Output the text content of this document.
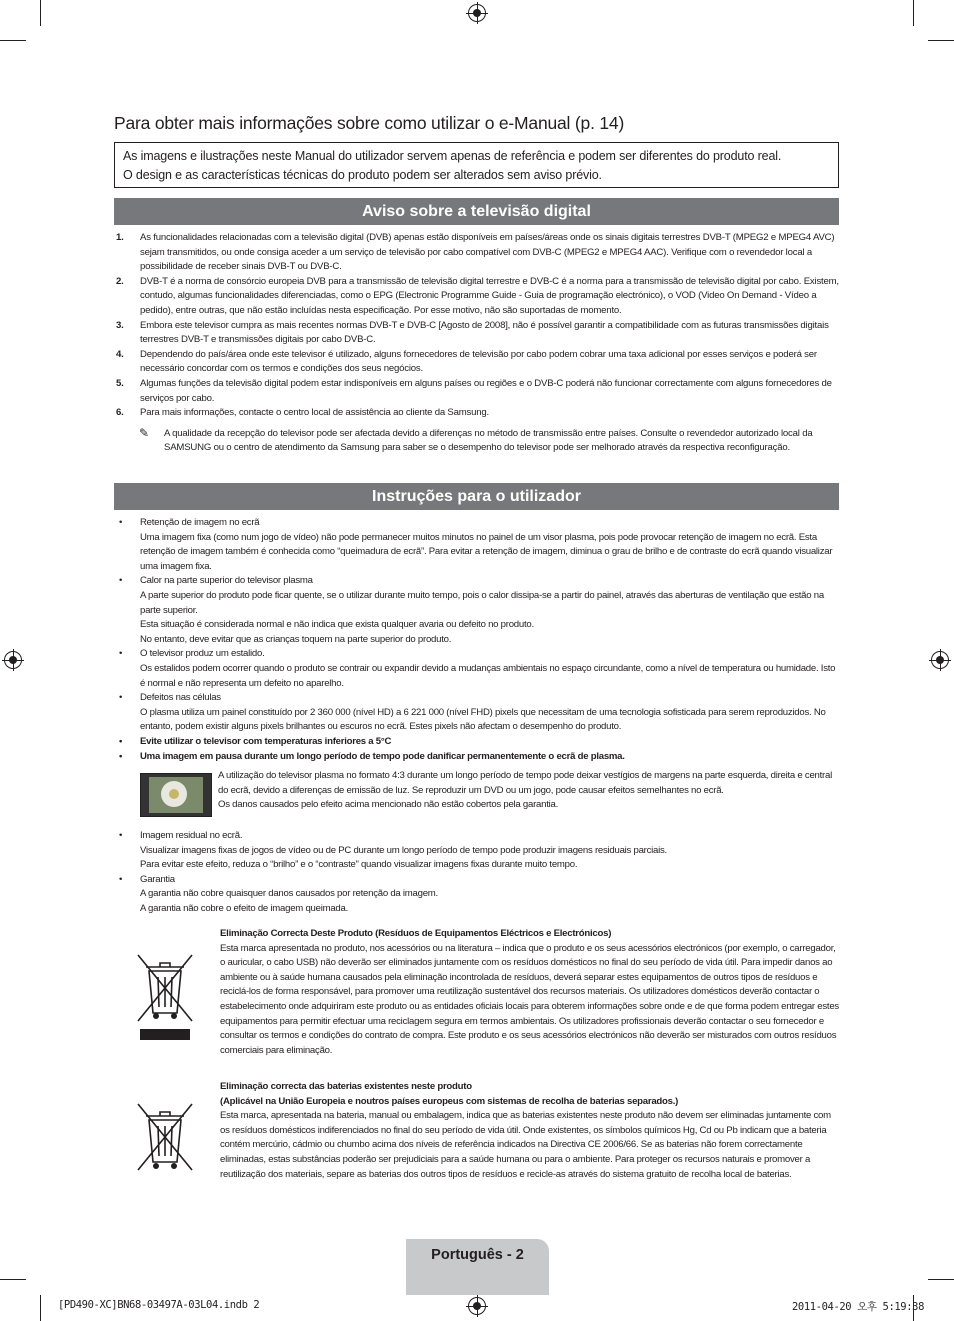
Para obter mais informações sobre como utilizar o e-Manual (p. 14)
As imagens e ilustrações neste Manual do utilizador servem apenas de referência e podem ser diferentes do produto real.
O design e as características técnicas do produto podem ser alterados sem aviso prévio.
Aviso sobre a televisão digital
1. As funcionalidades relacionadas com a televisão digital (DVB) apenas estão disponíveis em países/áreas onde os sinais digitais terrestres DVB-T (MPEG2 e MPEG4 AVC) sejam transmitidos, ou onde consiga aceder a um serviço de televisão por cabo compatível com DVB-C (MPEG2 e MPEG4 AAC). Verifique com o revendedor local a possibilidade de receber sinais DVB-T ou DVB-C.
2. DVB-T é a norma de consórcio europeia DVB para a transmissão de televisão digital terrestre e DVB-C é a norma para a transmissão de televisão digital por cabo. Existem, contudo, algumas funcionalidades diferenciadas, como o EPG (Electronic Programme Guide - Guia de programação electrónico), o VOD (Video On Demand - Vídeo a pedido), entre outras, que não estão incluídas nesta especificação. Por esse motivo, não são suportadas de momento.
3. Embora este televisor cumpra as mais recentes normas DVB-T e DVB-C [Agosto de 2008], não é possível garantir a compatibilidade com as futuras transmissões digitais terrestres DVB-T e transmissões digitais por cabo DVB-C.
4. Dependendo do país/área onde este televisor é utilizado, alguns fornecedores de televisão por cabo podem cobrar uma taxa adicional por esses serviços e poderá ser necessário concordar com os termos e condições dos seus negócios.
5. Algumas funções da televisão digital podem estar indisponíveis em alguns países ou regiões e o DVB-C poderá não funcionar correctamente com alguns fornecedores de serviços por cabo.
6. Para mais informações, contacte o centro local de assistência ao cliente da Samsung.
✎ A qualidade da recepção do televisor pode ser afectada devido a diferenças no método de transmissão entre países. Consulte o revendedor autorizado local da SAMSUNG ou o centro de atendimento da Samsung para saber se o desempenho do televisor pode ser melhorado através da respectiva reconfiguração.
Instruções para o utilizador
• Retenção de imagem no ecrã
Uma imagem fixa (como num jogo de vídeo) não pode permanecer muitos minutos no painel de um visor plasma, pois pode provocar retenção de imagem no ecrã. Esta retenção de imagem também é conhecida como “queimadura de ecrã”. Para evitar a retenção de imagem, diminua o grau de brilho e de contraste do ecrã quando visualizar uma imagem fixa.
• Calor na parte superior do televisor plasma
A parte superior do produto pode ficar quente, se o utilizar durante muito tempo, pois o calor dissipa-se a partir do painel, através das aberturas de ventilação que estão na parte superior.
Esta situação é considerada normal e não indica que exista qualquer avaria ou defeito no produto.
No entanto, deve evitar que as crianças toquem na parte superior do produto.
• O televisor produz um estalido.
Os estalidos podem ocorrer quando o produto se contrair ou expandir devido a mudanças ambientais no espaço circundante, como a nível de temperatura ou humidade. Isto é normal e não representa um defeito no aparelho.
• Defeitos nas células
O plasma utiliza um painel constituído por 2 360 000 (nível HD) a 6 221 000 (nível FHD) pixels que necessitam de uma tecnologia sofisticada para serem reproduzidos. No entanto, podem existir alguns pixels brilhantes ou escuros no ecrã. Estes pixels não afectam o desempenho do produto.
• Evite utilizar o televisor com temperaturas inferiores a 5°C
• Uma imagem em pausa durante um longo período de tempo pode danificar permanentemente o ecrã de plasma.
A utilização do televisor plasma no formato 4:3 durante um longo período de tempo pode deixar vestígios de margens na parte esquerda, direita e central do ecrã, devido a diferenças de emissão de luz. Se reproduzir um DVD ou um jogo, pode causar efeitos semelhantes no ecrã.
Os danos causados pelo efeito acima mencionado não estão cobertos pela garantia.
• Imagem residual no ecrã.
Visualizar imagens fixas de jogos de vídeo ou de PC durante um longo período de tempo pode produzir imagens residuais parciais.
Para evitar este efeito, reduza o “brilho” e o “contraste” quando visualizar imagens fixas durante muito tempo.
• Garantia
A garantia não cobre quaisquer danos causados por retenção da imagem.
A garantia não cobre o efeito de imagem queimada.
Eliminação Correcta Deste Produto (Resíduos de Equipamentos Eléctricos e Electrónicos)
Esta marca apresentada no produto, nos acessórios ou na literatura – indica que o produto e os seus acessórios electrónicos (por exemplo, o carregador, o auricular, o cabo USB) não deverão ser eliminados juntamente com os resíduos domésticos no final do seu período de vida útil. Para impedir danos ao ambiente ou à saúde humana causados pela eliminação incontrolada de resíduos, deverá separar estes equipamentos de outros tipos de resíduos e reciclá-los de forma responsável, para promover uma reutilização sustentável dos recursos materiais. Os utilizadores domésticos deverão contactar o estabelecimento onde adquiriram este produto ou as entidades oficiais locais para obterem informações sobre onde e de que forma podem entregar estes equipamentos para permitir efectuar uma reciclagem segura em termos ambientais. Os utilizadores profissionais deverão contactar o seu fornecedor e consultar os termos e condições do contrato de compra. Este produto e os seus acessórios electrónicos não deverão ser misturados com outros resíduos comerciais para eliminação.
Eliminação correcta das baterias existentes neste produto
(Aplicável na União Europeia e noutros países europeus com sistemas de recolha de baterias separados.)
Esta marca, apresentada na bateria, manual ou embalagem, indica que as baterias existentes neste produto não devem ser eliminadas juntamente com os resíduos domésticos indiferenciados no final do seu período de vida útil. Onde existentes, os símbolos químicos Hg, Cd ou Pb indicam que a bateria contém mercúrio, cádmio ou chumbo acima dos níveis de referência indicados na Directiva CE 2006/66. Se as baterias não forem correctamente eliminadas, estas substâncias poderão ser prejudiciais para a saúde humana ou para o ambiente. Para proteger os recursos naturais e promover a reutilização dos materiais, separe as baterias dos outros tipos de resíduos e recicle-as através do sistema gratuito de recolha local de baterias.
Português - 2
[PD490-XC]BN68-03497A-03L04.indb 2	2011-04-20 오후 5:19:38
